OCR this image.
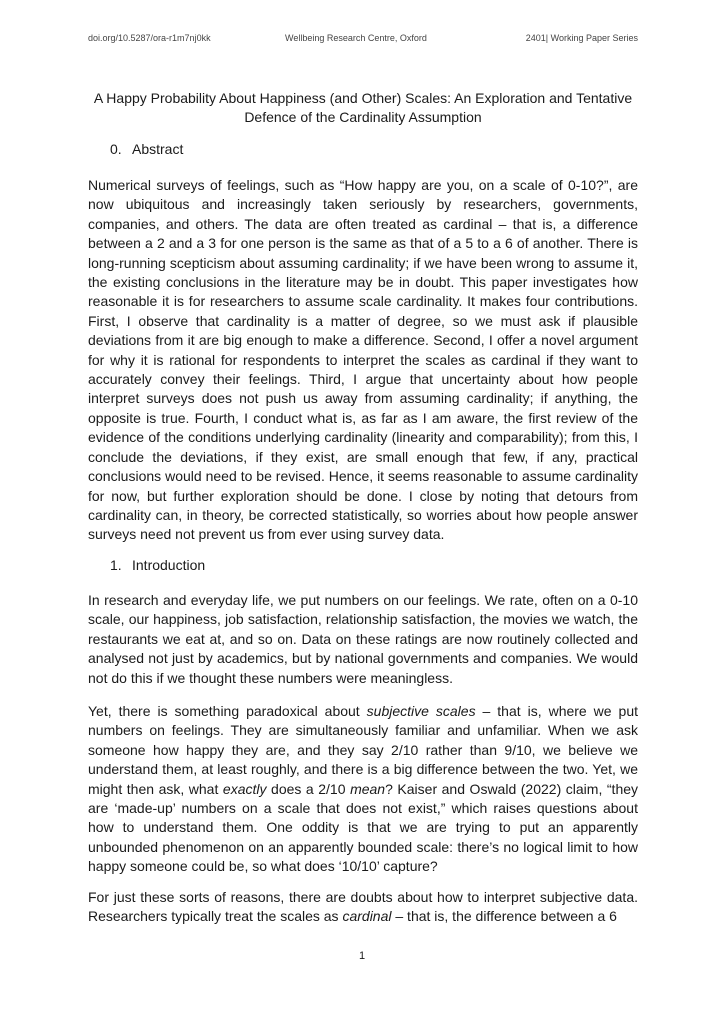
doi.org/10.5287/ora-r1m7nj0kk	Wellbeing Research Centre, Oxford	2401| Working Paper Series
A Happy Probability About Happiness (and Other) Scales: An Exploration and Tentative Defence of the Cardinality Assumption
0. Abstract

Numerical surveys of feelings, such as “How happy are you, on a scale of 0-10?”, are now ubiquitous and increasingly taken seriously by researchers, governments, companies, and others. The data are often treated as cardinal – that is, a difference between a 2 and a 3 for one person is the same as that of a 5 to a 6 of another. There is long-running scepticism about assuming cardinality; if we have been wrong to assume it, the existing conclusions in the literature may be in doubt. This paper investigates how reasonable it is for researchers to assume scale cardinality. It makes four contributions. First, I observe that cardinality is a matter of degree, so we must ask if plausible deviations from it are big enough to make a difference. Second, I offer a novel argument for why it is rational for respondents to interpret the scales as cardinal if they want to accurately convey their feelings. Third, I argue that uncertainty about how people interpret surveys does not push us away from assuming cardinality; if anything, the opposite is true. Fourth, I conduct what is, as far as I am aware, the first review of the evidence of the conditions underlying cardinality (linearity and comparability); from this, I conclude the deviations, if they exist, are small enough that few, if any, practical conclusions would need to be revised. Hence, it seems reasonable to assume cardinality for now, but further exploration should be done. I close by noting that detours from cardinality can, in theory, be corrected statistically, so worries about how people answer surveys need not prevent us from ever using survey data.

1. Introduction

In research and everyday life, we put numbers on our feelings. We rate, often on a 0-10 scale, our happiness, job satisfaction, relationship satisfaction, the movies we watch, the restaurants we eat at, and so on. Data on these ratings are now routinely collected and analysed not just by academics, but by national governments and companies. We would not do this if we thought these numbers were meaningless.

Yet, there is something paradoxical about subjective scales – that is, where we put numbers on feelings. They are simultaneously familiar and unfamiliar. When we ask someone how happy they are, and they say 2/10 rather than 9/10, we believe we understand them, at least roughly, and there is a big difference between the two. Yet, we might then ask, what exactly does a 2/10 mean? Kaiser and Oswald (2022) claim, “they are ‘made-up’ numbers on a scale that does not exist,” which raises questions about how to understand them. One oddity is that we are trying to put an apparently unbounded phenomenon on an apparently bounded scale: there’s no logical limit to how happy someone could be, so what does ‘10/10’ capture?

For just these sorts of reasons, there are doubts about how to interpret subjective data. Researchers typically treat the scales as cardinal – that is, the difference between a 6

1
